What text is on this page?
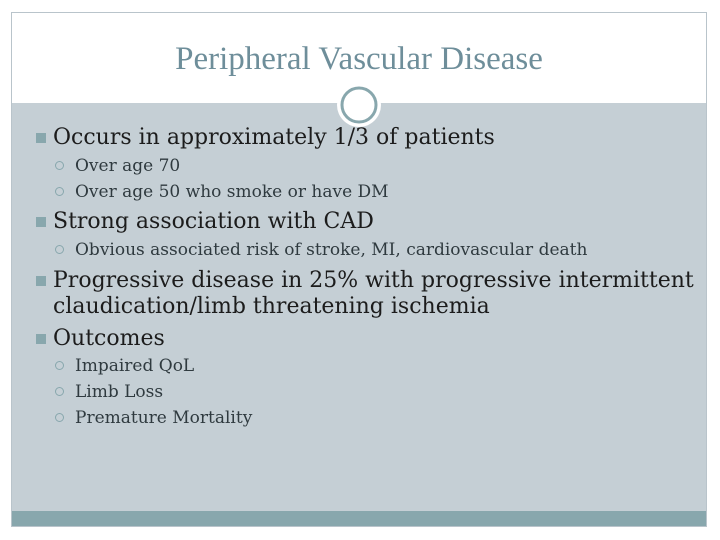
Peripheral Vascular Disease
Occurs in approximately 1/3 of patients
Over age 70
Over age 50 who smoke or have DM
Strong association with CAD
Obvious associated risk of stroke, MI, cardiovascular death
Progressive disease in 25% with progressive intermittent
claudication/limb threatening ischemia
Outcomes
Impaired QoL
Limb Loss
Premature Mortality
